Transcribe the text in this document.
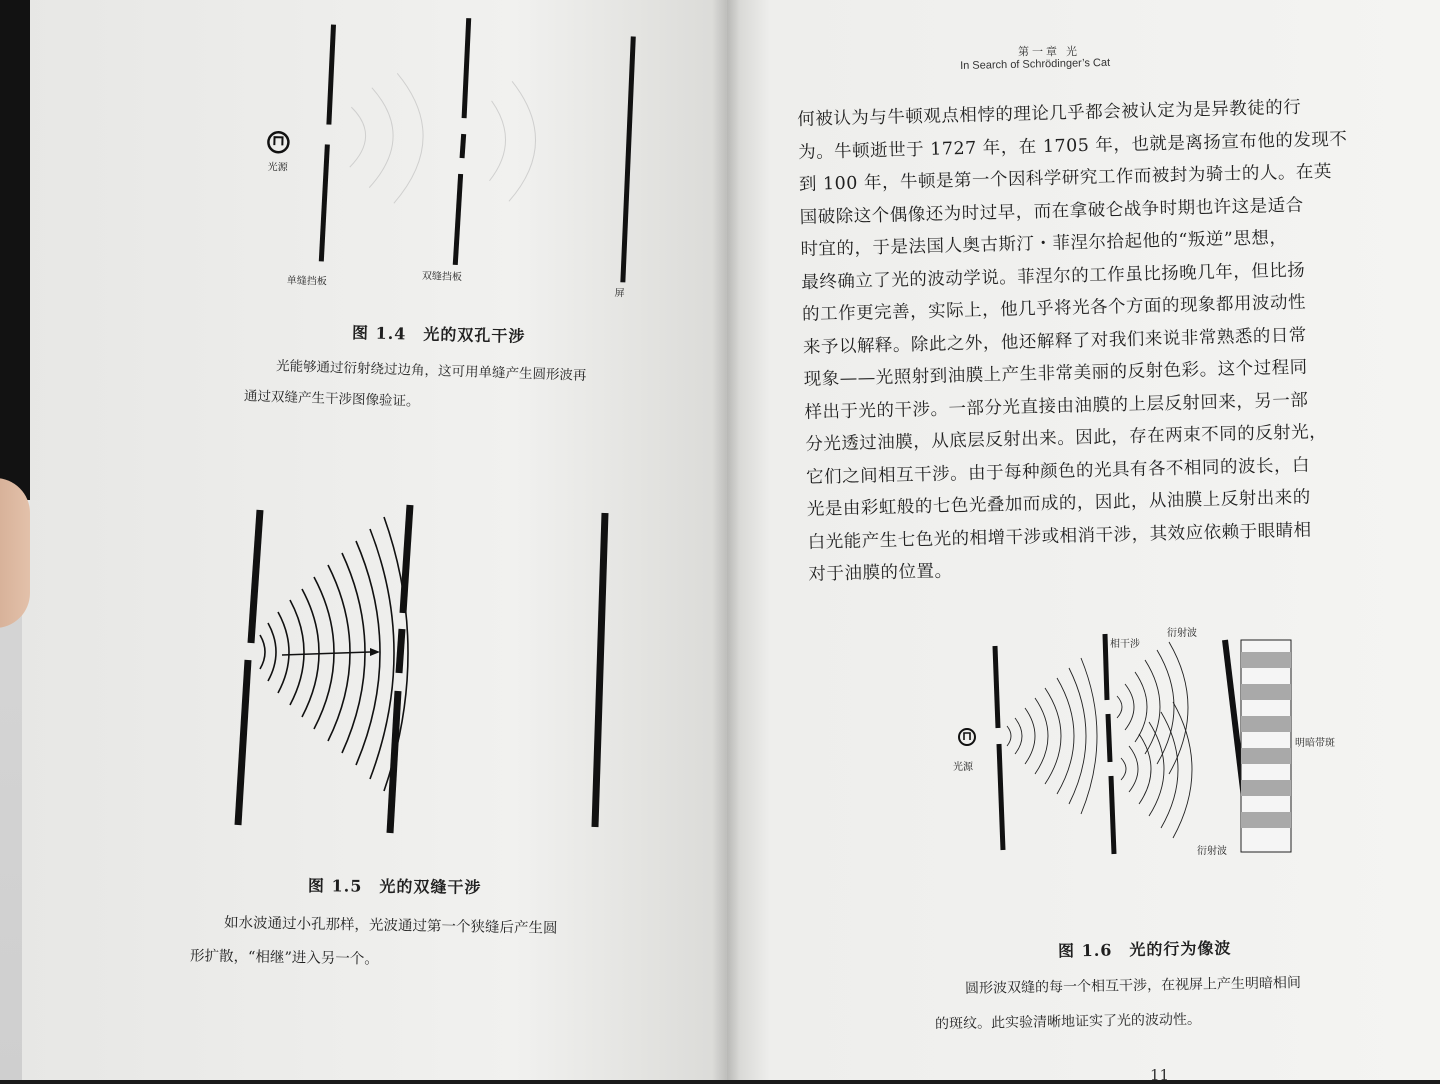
第一章 光
In Search of Schrödinger’s Cat
光源
单缝挡板	双缝挡板
屏
图 1.4　光的双孔干涉
光能够通过衍射绕过边角，这可用单缝产生圆形波再
通过双缝产生干涉图像验证。
图 1.5　光的双缝干涉
如水波通过小孔那样，光波通过第一个狭缝后产生圆
形扩散，“相继”进入另一个。

何被认为与牛顿观点相悖的理论几乎都会被认定为是异教徒的行

为。牛顿逝世于 1727 年，在 1705 年，也就是离扬宣布他的发现不

到 100 年，牛顿是第一个因科学研究工作而被封为骑士的人。在英

国破除这个偶像还为时过早，而在拿破仑战争时期也许这是适合

时宜的，于是法国人奥古斯汀・菲涅尔拾起他的“叛逆”思想，

最终确立了光的波动学说。菲涅尔的工作虽比扬晚几年，但比扬

的工作更完善，实际上，他几乎将光各个方面的现象都用波动性

来予以解释。除此之外，他还解释了对我们来说非常熟悉的日常

现象——光照射到油膜上产生非常美丽的反射色彩。这个过程同

样出于光的干涉。一部分光直接由油膜的上层反射回来，另一部

分光透过油膜，从底层反射出来。因此，存在两束不同的反射光，

它们之间相互干涉。由于每种颜色的光具有各不相同的波长，白

光是由彩虹般的七色光叠加而成的，因此，从油膜上反射出来的

白光能产生七色光的相增干涉或相消干涉，其效应依赖于眼睛相

对于油膜的位置。

光源
相干涉
衍射波
衍射波
明暗带斑
图 1.6　光的行为像波
圆形波双缝的每一个相互干涉，在视屏上产生明暗相间
的斑纹。此实验清晰地证实了光的波动性。
11
